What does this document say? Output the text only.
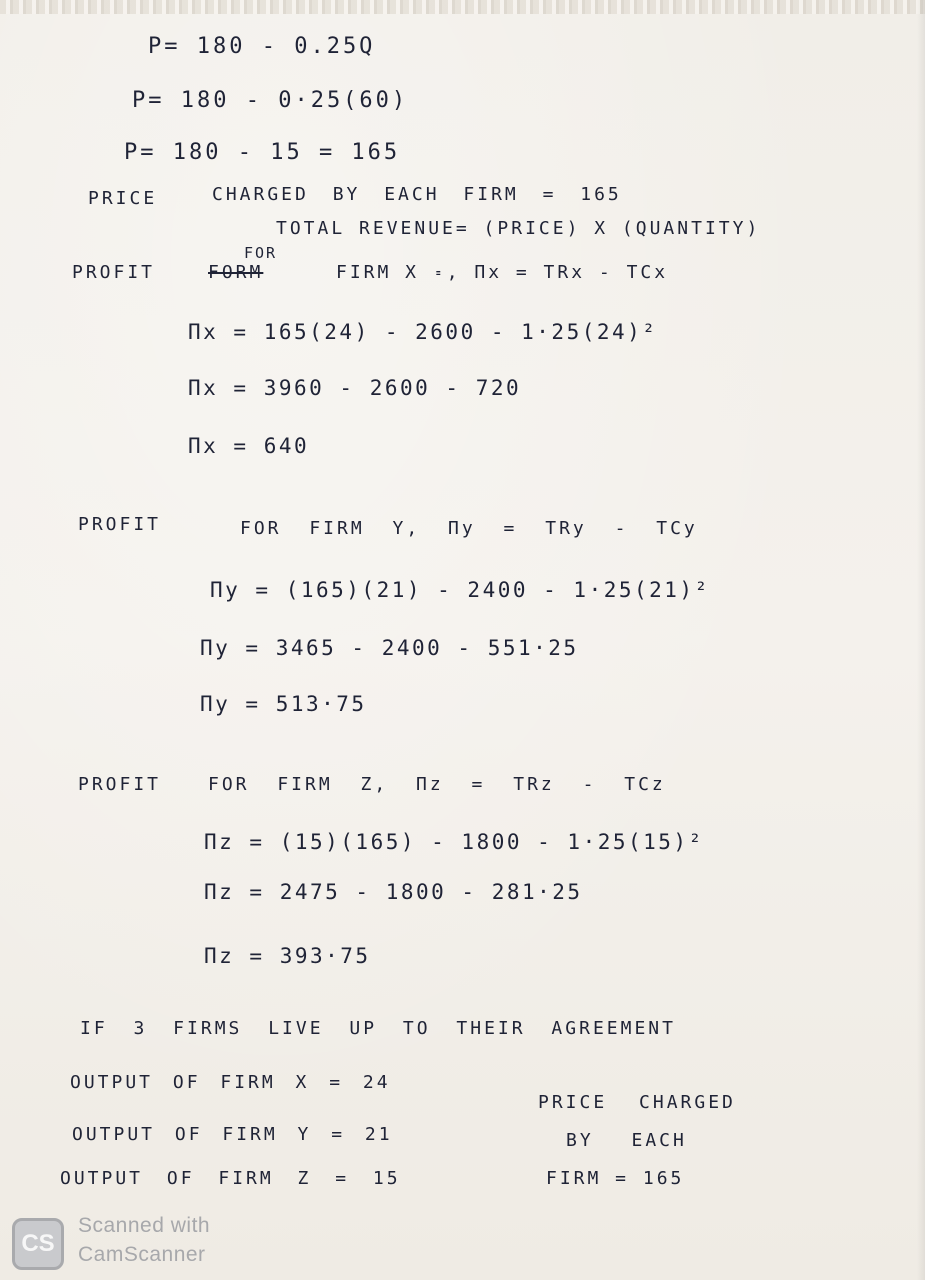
P= 180 - 0.25Q
P= 180 - 0·25(60)
P= 180 - 15 = 165
PRICE	CHARGED BY EACH FIRM = 165
TOTAL REVENUE= (PRICE) X (QUANTITY)
FOR
PROFIT	FORM	FIRM X ꞊, Πx = TRx - TCx
Πx = 165(24) - 2600 - 1·25(24)²
Πx = 3960 - 2600 - 720
Πx = 640
PROFIT	FOR FIRM Y, Πy = TRy - TCy
Πy = (165)(21) - 2400 - 1·25(21)²
Πy = 3465 - 2400 - 551·25
Πy = 513·75
PROFIT	FOR FIRM Z, Πz = TRz - TCz
Πz = (15)(165) - 1800 - 1·25(15)²
Πz = 2475 - 1800 - 281·25
Πz = 393·75
IF 3 FIRMS LIVE UP TO THEIR AGREEMENT
OUTPUT OF FIRM X = 24
OUTPUT OF FIRM Y = 21
OUTPUT OF FIRM Z = 15
PRICE CHARGED
BY EACH
FIRM = 165
CS
Scanned with
CamScanner
